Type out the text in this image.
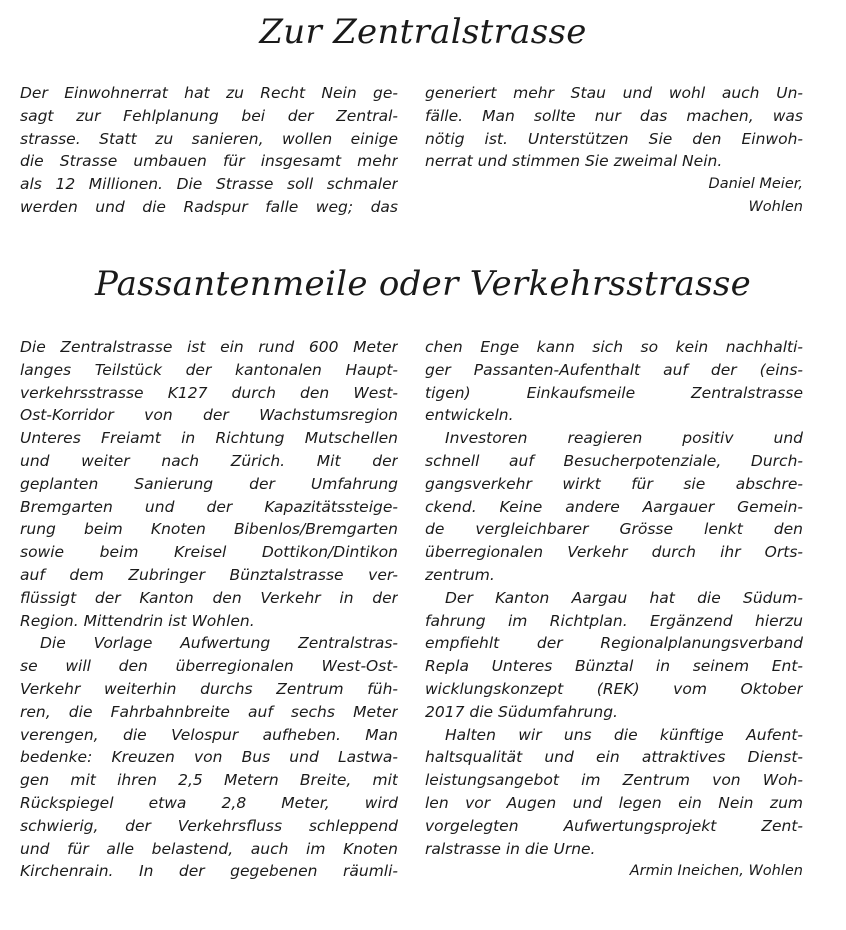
Zur Zentralstrasse
Der Einwohnerrat hat zu Recht Nein ge-
sagt zur Fehlplanung bei der Zentral-
strasse. Statt zu sanieren, wollen einige
die Strasse umbauen für insgesamt mehr
als 12 Millionen. Die Strasse soll schmaler
werden und die Radspur falle weg; das
generiert mehr Stau und wohl auch Un-
fälle. Man sollte nur das machen, was
nötig ist. Unterstützen Sie den Einwoh-
nerrat und stimmen Sie zweimal Nein.
Daniel Meier,
Wohlen
Passantenmeile oder Verkehrsstrasse
Die Zentralstrasse ist ein rund 600 Meter
langes Teilstück der kantonalen Haupt-
verkehrsstrasse K127 durch den West-
Ost-Korridor von der Wachstumsregion
Unteres Freiamt in Richtung Mutschellen
und weiter nach Zürich. Mit der
geplanten Sanierung der Umfahrung
Bremgarten und der Kapazitätssteige-
rung beim Knoten Bibenlos/Bremgarten
sowie beim Kreisel Dottikon/Dintikon
auf dem Zubringer Bünztalstrasse ver-
flüssigt der Kanton den Verkehr in der
Region. Mittendrin ist Wohlen.
Die Vorlage Aufwertung Zentralstras-
se will den überregionalen West-Ost-
Verkehr weiterhin durchs Zentrum füh-
ren, die Fahrbahnbreite auf sechs Meter
verengen, die Velospur aufheben. Man
bedenke: Kreuzen von Bus und Lastwa-
gen mit ihren 2,5 Metern Breite, mit
Rückspiegel etwa 2,8 Meter, wird
schwierig, der Verkehrsfluss schleppend
und für alle belastend, auch im Knoten
Kirchenrain. In der gegebenen räumli-
chen Enge kann sich so kein nachhalti-
ger Passanten-Aufenthalt auf der (eins-
tigen) Einkaufsmeile Zentralstrasse
entwickeln.
Investoren reagieren positiv und
schnell auf Besucherpotenziale, Durch-
gangsverkehr wirkt für sie abschre-
ckend. Keine andere Aargauer Gemein-
de vergleichbarer Grösse lenkt den
überregionalen Verkehr durch ihr Orts-
zentrum.
Der Kanton Aargau hat die Südum-
fahrung im Richtplan. Ergänzend hierzu
empfiehlt der Regionalplanungsverband
Repla Unteres Bünztal in seinem Ent-
wicklungskonzept (REK) vom Oktober
2017 die Südumfahrung.
Halten wir uns die künftige Aufent-
haltsqualität und ein attraktives Dienst-
leistungsangebot im Zentrum von Woh-
len vor Augen und legen ein Nein zum
vorgelegten Aufwertungsprojekt Zent-
ralstrasse in die Urne.
Armin Ineichen, Wohlen
